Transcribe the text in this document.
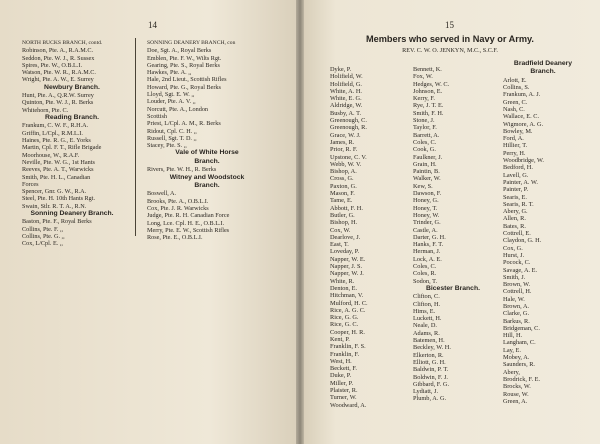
14
NORTH BUCKS BRANCH, contd.
Robinson, Pte. A., R.A.M.C.
Seddon, Pte. W. J., R. Sussex
Spires, Pte. W., O.B.L.I.
Watson, Pte. W. R., R.A.M.C.
Wright, Pte. A. W., E. Surrey
Newbury Branch.
Hunt, Pte. A., Q.R.W. Surrey
Quinton, Pte. W. J., R. Berks
Whitehorn, Pte. C.
Reading Branch.
Frankum, C. W. F., R.H.A.
Griffin, L/Cpl., R.M.L.I.
Haines, Pte. R. G., E. Yorks
Martin, Cpl. F. T., Rifle Brigade
Moorhouse, W., R.A.F.
Neville, Pte. W. G., 1st Hants
Reeves, Pte. A. T., Warwicks
Smith, Pte. H. L., Canadian
Forces
Spencer, Gnr. G. W., R.A.
Steel, Pte. H. 10th Hants Rgt.
Swain, Stlr. R. T. A., R.N.
Sonning Deanery Branch.
Baston, Pte. F., Royal Berks
Collins, Pte. F. ,,
Collins, Pte. G. ,,
Cox, L/Cpl. E. ,,
SONNING DEANERY BRANCH, con
Doe, Sgt. A., Royal Berks
Emblen, Pte. F. W., Wilts Rgt.
Gearing, Pte. S., Royal Berks
Hawkes, Pte. A. ,,
Hale, 2nd Lieut., Scottish Rifles
Howard, Pte. G., Royal Berks
Lloyd, Sgt. E. W. ,,
Louder, Pte. A. V. ,,
Norcutt, Pte. A., London
Scottish
Priest, L/Cpl. A. M., R. Berks
Ridout, Cpl. C. H. ,,
Russell, Sgt. T. D. ,,
Stacey, Pte. S. ,,
Vale of White Horse
Branch.
Rivers, Pte. W. H., R. Berks
Witney and Woodstock
Branch.
Boswell, A.
Brooks, Pte. A., O.B.L.I.
Cox, Pte. J. R. Warwicks
Judge, Pte. R. H. Canadian Force
Long, Lce. Cpl. H. E., O.B.L.I.
Merry, Pte. E. W., Scottish Rifles
Rose, Pte. E., O.B.L.I.
15
Members who served in Navy or Army.
REV. C. W. O. JENKYN, M.C., S.C.F.
Dyke, P.
Holifield, W.
Holifield, G.
White, A. H.
White, E. G.
Aldridge, W.
Busby, A. T.
Greenough, C.
Greenough, R.
Grace, W. J.
James, R.
Prior, R. F.
Upstone, C. V.
Webb, W. V.
Bishop, A.
Cross, G.
Paxton, G.
Mason, F.
Tame, E.
Abbott, F. H.
Butler, G.
Bishop, H.
Cox, W.
Dearlove, J.
East, T.
Loveday, P.
Napper, W. E.
Napper, J. S.
Napper, W. J.
White, R.
Denton, E.
Hitchman, V.
Mulford, H. C.
Rice, A. G. C.
Rice, G. G.
Rice, G. C.
Cooper, H. R.
Kent, P.
Franklin, F. S.
Franklin, F.
West, H.
Beckett, F.
Duke, P.
Miller, P.
Plaister, R.
Turner, W.
Woodward, A.
Bennett, K.
Fox, W.
Hedges, W. C.
Johnson, E.
Kerry, F.
Rye, J. T. E.
Smith, F. H.
Stone, J.
Taylor, F.
Barrett, A.
Coles, C.
Cook, G.
Faulkner, J.
Grain, H.
Paintin, B.
Walker, W.
Kew, S.
Dawson, F.
Honey, G.
Honey, T.
Honey, W.
Trinder, G.
Castle, A.
Darter, G. H.
Hanks, F. T.
Herman, J.
Lock, A. E.
Coles, C.
Coles, R.
Sodon, T.
Bicester Branch.
Clifton, C.
Clifton, H.
Hims, E.
Luckett, H.
Neale, D.
Adams, R.
Batemen, H.
Beckley, W. H.
Elkerton, R.
Elliott, G. H.
Baldwin, P. T.
Boldwin, F. J.
Gibbard, F. G.
Lydiatt, J.
Plumb, A. G.
Bradfield Deanery
Branch.
Arlott, E.
Collins, S.
Frankum, A. J.
Green, C.
Nash, C.
Wallace, E. C.
Wigmore, A. G.
Bowley, M.
Ford, A.
Hillier, T.
Perry, H.
Woodbridge, W.
Bedford, H.
Lavell, G.
Painter, A. W.
Painter, P.
Searis, E.
Searis, R. T.
Abery, G.
Allen, R.
Bates, R.
Cottrell, E.
Claydon, G. H.
Cox, G.
Hurst, J.
Pocock, C.
Savage, A. E.
Smith, J.
Brown, W.
Cottrell, H.
Hale, W.
Brown, A.
Clarke, G.
Barkus, R.
Bridgeman, C.
Hill, H.
Langham, C.
Lay, E.
Mobey, A.
Saunders, R.
Abery,
Brodrick, F. E.
Brocks, W.
Rouse, W.
Green, A.
